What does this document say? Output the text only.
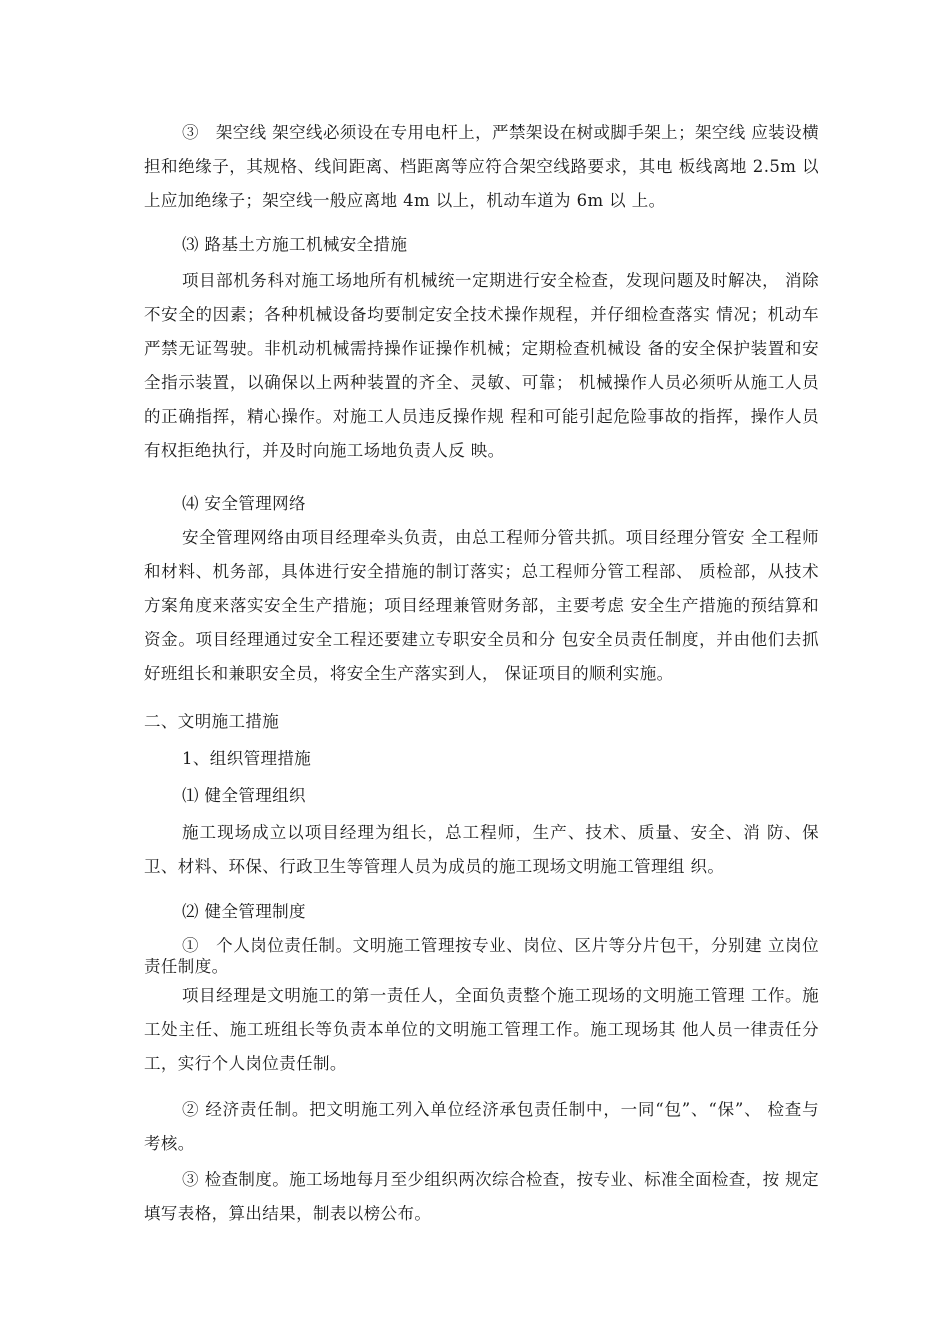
③　架空线 架空线必须设在专用电杆上，严禁架设在树或脚手架上；架空线 应装设横担和绝缘子，其规格、线间距离、档距离等应符合架空线路要求，其电 板线离地 2.5m 以上应加绝缘子；架空线一般应离地 4m 以上，机动车道为 6m 以 上。

⑶ 路基土方施工机械安全措施

项目部机务科对施工场地所有机械统一定期进行安全检查，发现问题及时解决， 消除不安全的因素；各种机械设备均要制定安全技术操作规程，并仔细检查落实 情况；机动车严禁无证驾驶。非机动机械需持操作证操作机械；定期检查机械设 备的安全保护装置和安全指示装置，以确保以上两种装置的齐全、灵敏、可靠； 机械操作人员必须听从施工人员的正确指挥，精心操作。对施工人员违反操作规 程和可能引起危险事故的指挥，操作人员有权拒绝执行，并及时向施工场地负责人反 映。

⑷ 安全管理网络

安全管理网络由项目经理牵头负责，由总工程师分管共抓。项目经理分管安 全工程师和材料、机务部，具体进行安全措施的制订落实；总工程师分管工程部、 质检部，从技术方案角度来落实安全生产措施；项目经理兼管财务部，主要考虑 安全生产措施的预结算和资金。项目经理通过安全工程还要建立专职安全员和分 包安全员责任制度，并由他们去抓好班组长和兼职安全员，将安全生产落实到人， 保证项目的顺利实施。

二、文明施工措施

1、组织管理措施

⑴ 健全管理组织

施工现场成立以项目经理为组长，总工程师，生产、技术、质量、安全、消 防、保卫、材料、环保、行政卫生等管理人员为成员的施工现场文明施工管理组 织。

⑵ 健全管理制度

①　个人岗位责任制。文明施工管理按专业、岗位、区片等分片包干，分别建 立岗位责任制度。

项目经理是文明施工的第一责任人，全面负责整个施工现场的文明施工管理 工作。施工处主任、施工班组长等负责本单位的文明施工管理工作。施工现场其 他人员一律责任分工，实行个人岗位责任制。

② 经济责任制。把文明施工列入单位经济承包责任制中，一同“包”、“保”、 检查与考核。

③ 检查制度。施工场地每月至少组织两次综合检查，按专业、标准全面检查，按 规定填写表格，算出结果，制表以榜公布。
